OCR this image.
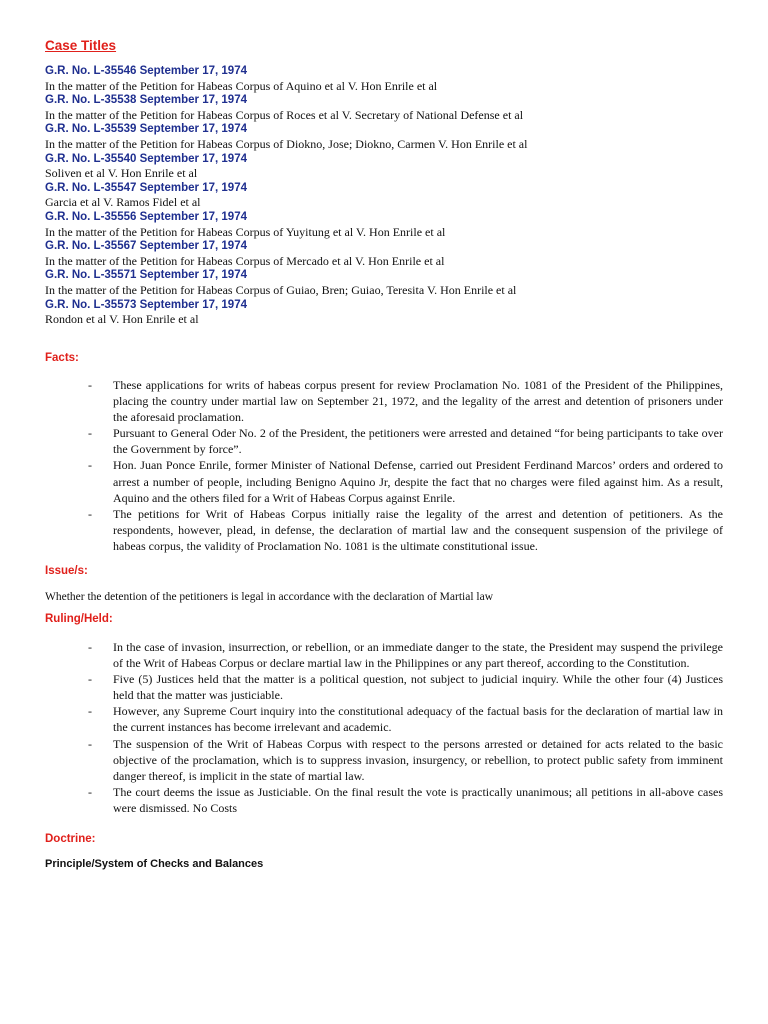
Case Titles
G.R. No. L-35546 September 17, 1974
In the matter of the Petition for Habeas Corpus of Aquino et al V. Hon Enrile et al
G.R. No. L-35538 September 17, 1974
In the matter of the Petition for Habeas Corpus of Roces et al V. Secretary of National Defense et al
G.R. No. L-35539 September 17, 1974
In the matter of the Petition for Habeas Corpus of Diokno, Jose; Diokno, Carmen V. Hon Enrile et al
G.R. No. L-35540 September 17, 1974
Soliven et al V. Hon Enrile et al
G.R. No. L-35547 September 17, 1974
Garcia et al V. Ramos Fidel et al
G.R. No. L-35556 September 17, 1974
In the matter of the Petition for Habeas Corpus of Yuyitung et al V. Hon Enrile et al
G.R. No. L-35567 September 17, 1974
In the matter of the Petition for Habeas Corpus of Mercado et al V. Hon Enrile et al
G.R. No. L-35571 September 17, 1974
In the matter of the Petition for Habeas Corpus of Guiao, Bren; Guiao, Teresita V. Hon Enrile et al
G.R. No. L-35573 September 17, 1974
Rondon et al V. Hon Enrile et al
Facts:
- These applications for writs of habeas corpus present for review Proclamation No. 1081 of the President of the Philippines, placing the country under martial law on September 21, 1972, and the legality of the arrest and detention of prisoners under the aforesaid proclamation.
- Pursuant to General Oder No. 2 of the President, the petitioners were arrested and detained “for being participants to take over the Government by force”.
- Hon. Juan Ponce Enrile, former Minister of National Defense, carried out President Ferdinand Marcos’ orders and ordered to arrest a number of people, including Benigno Aquino Jr, despite the fact that no charges were filed against him. As a result, Aquino and the others filed for a Writ of Habeas Corpus against Enrile.
- The petitions for Writ of Habeas Corpus initially raise the legality of the arrest and detention of petitioners. As the respondents, however, plead, in defense, the declaration of martial law and the consequent suspension of the privilege of habeas corpus, the validity of Proclamation No. 1081 is the ultimate constitutional issue.
Issue/s:
Whether the detention of the petitioners is legal in accordance with the declaration of Martial law
Ruling/Held:
- In the case of invasion, insurrection, or rebellion, or an immediate danger to the state, the President may suspend the privilege of the Writ of Habeas Corpus or declare martial law in the Philippines or any part thereof, according to the Constitution.
- Five (5) Justices held that the matter is a political question, not subject to judicial inquiry. While the other four (4) Justices held that the matter was justiciable.
- However, any Supreme Court inquiry into the constitutional adequacy of the factual basis for the declaration of martial law in the current instances has become irrelevant and academic.
- The suspension of the Writ of Habeas Corpus with respect to the persons arrested or detained for acts related to the basic objective of the proclamation, which is to suppress invasion, insurgency, or rebellion, to protect public safety from imminent danger thereof, is implicit in the state of martial law.
- The court deems the issue as Justiciable. On the final result the vote is practically unanimous; all petitions in all-above cases were dismissed. No Costs
Doctrine:
Principle/System of Checks and Balances
